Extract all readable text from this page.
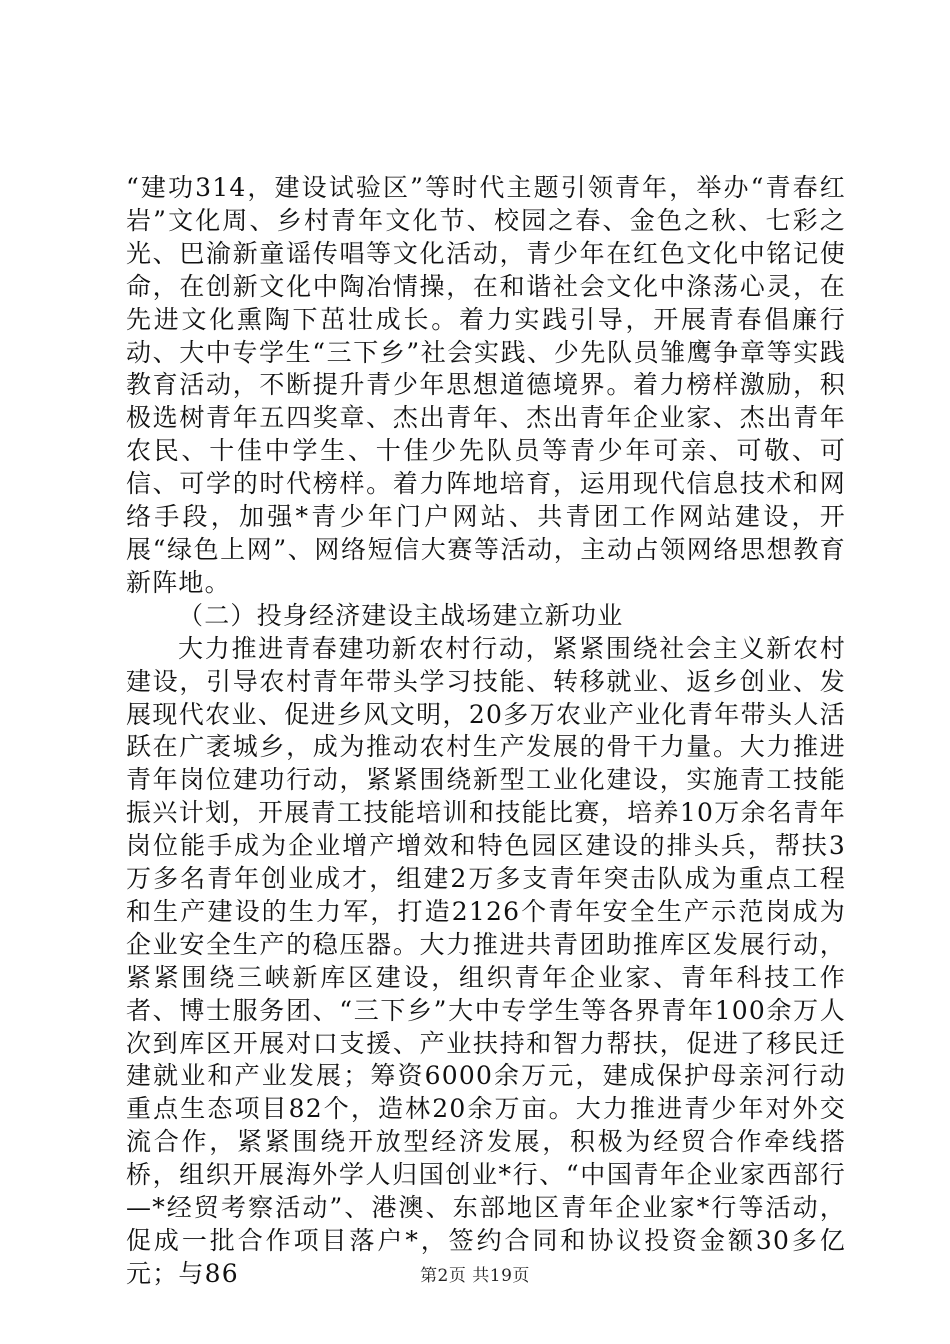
“建功314，建设试验区”等时代主题引领青年，举办“青春红岩”文化周、乡村青年文化节、校园之春、金色之秋、七彩之光、巴渝新童谣传唱等文化活动，青少年在红色文化中铭记使命，在创新文化中陶冶情操，在和谐社会文化中涤荡心灵，在先进文化熏陶下茁壮成长。着力实践引导，开展青春倡廉行动、大中专学生“三下乡”社会实践、少先队员雏鹰争章等实践教育活动，不断提升青少年思想道德境界。着力榜样激励，积极选树青年五四奖章、杰出青年、杰出青年企业家、杰出青年农民、十佳中学生、十佳少先队员等青少年可亲、可敬、可信、可学的时代榜样。着力阵地培育，运用现代信息技术和网络手段，加强*青少年门户网站、共青团工作网站建设，开展“绿色上网”、网络短信大赛等活动，主动占领网络思想教育新阵地。

（二）投身经济建设主战场建立新功业

大力推进青春建功新农村行动，紧紧围绕社会主义新农村建设，引导农村青年带头学习技能、转移就业、返乡创业、发展现代农业、促进乡风文明，20多万农业产业化青年带头人活跃在广袤城乡，成为推动农村生产发展的骨干力量。大力推进青年岗位建功行动，紧紧围绕新型工业化建设，实施青工技能振兴计划，开展青工技能培训和技能比赛，培养10万余名青年岗位能手成为企业增产增效和特色园区建设的排头兵，帮扶3万多名青年创业成才，组建2万多支青年突击队成为重点工程和生产建设的生力军，打造2126个青年安全生产示范岗成为企业安全生产的稳压器。大力推进共青团助推库区发展行动，紧紧围绕三峡新库区建设，组织青年企业家、青年科技工作者、博士服务团、“三下乡”大中专学生等各界青年100余万人次到库区开展对口支援、产业扶持和智力帮扶，促进了移民迁建就业和产业发展；筹资6000余万元，建成保护母亲河行动重点生态项目82个，造林20余万亩。大力推进青少年对外交流合作，紧紧围绕开放型经济发展，积极为经贸合作牵线搭桥，组织开展海外学人归国创业*行、“中国青年企业家西部行—*经贸考察活动”、港澳、东部地区青年企业家*行等活动，促成一批合作项目落户*，签约合同和协议投资金额30多亿元；与86	第2页 共19页
